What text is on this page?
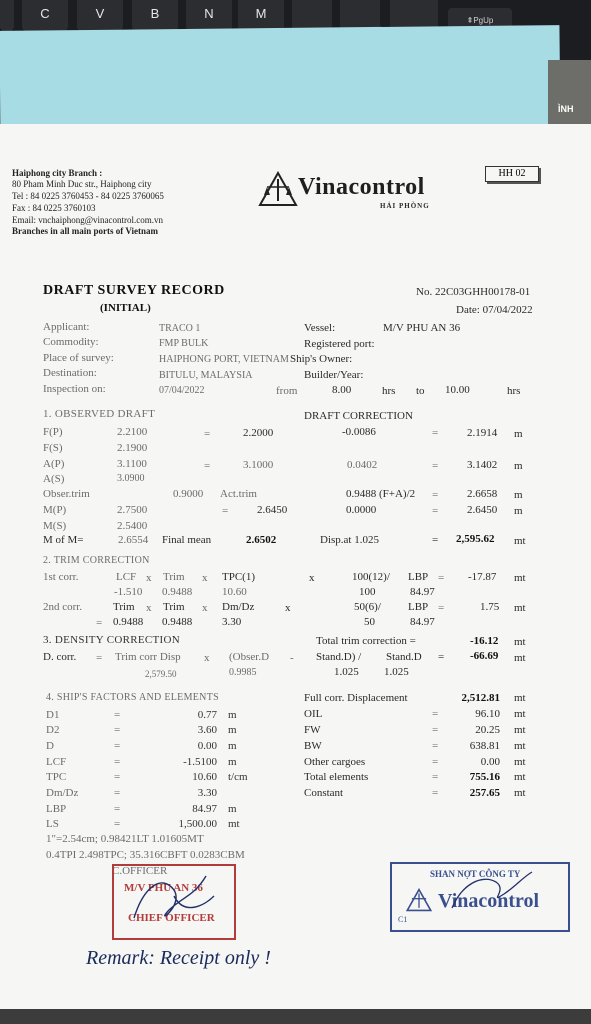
C	V	B	N	M	⇞PgUp
ÌNH
Haiphong city Branch :
80 Pham Minh Duc str., Haiphong city
Tel : 84 0225 3760453 - 84 0225 3760065
Fax : 84 0225 3760103
Email: vnchaiphong@vinacontrol.com.vn
Branches in all main ports of Vietnam
Vinacontrol
HẢI PHÒNG
HH 02
DRAFT SURVEY RECORD
(INITIAL)
No. 22C03GHH00178-01
Date: 07/04/2022
Applicant:	TRACO 1	Vessel:	M/V PHU AN 36
Commodity:	FMP BULK	Registered port:
Place of survey:	HAIPHONG PORT, VIETNAM Ship's Owner:
Destination:	BITULU, MALAYSIA	Builder/Year:
Inspection on:	07/04/2022	from	8.00	hrs to 10.00	hrs
1. OBSERVED DRAFT	DRAFT CORRECTION
F(P)	2.2100	=	2.2000	-0.0086	=	2.1914 m
F(S)	2.1900
A(P)	3.1100	=	3.1000	0.0402	=	3.1402 m
A(S)	3.0900
Obser.trim	0.9000 Act.trim	0.9488 (F+A)/2 =	2.6658 m
M(P)	2.7500	=	2.6450	0.0000	=	2.6450 m
M(S)	2.5400
M of M=	2.6554 Final mean	2.6502	Disp.at 1.025	= 2,595.62 mt
2. TRIM CORRECTION
1st corr.	LCF x Trim x TPC(1)	x	100(12)/ LBP = -17.87 mt
-1.510 0.9488	10.60	100	84.97
2nd corr.	Trim x Trim x Dm/Dz	x	50(6)/ LBP =	1.75 mt
= 0.9488 0.9488	3.30	50	84.97
3. DENSITY CORRECTION	Total trim correction =	-16.12 mt
D. corr. = Trim corr Disp x (Obser.D - Stand.D) / Stand.D = -66.69 mt
2,579.50	0.9985	1.025 1.025
4. SHIP'S FACTORS AND ELEMENTS
D1	=	0.77 m
D2	=	3.60 m
D	=	0.00 m
LCF	=	-1.5100 m
TPC	=	10.60 t/cm
Dm/Dz	=	3.30
LBP	=	84.97 m
LS	=	1,500.00 mt
Full corr. Displacement	2,512.81 mt
OIL	=	96.10 mt
FW	=	20.25 mt
BW	=	638.81 mt
Other cargoes	=	0.00 mt
Total elements	=	755.16 mt
Constant	=	257.65 mt
1"=2.54cm; 0.98421LT 1.01605MT
0.4TPI 2.498TPC; 35.316CBFT 0.0283CBM
C.OFFICER
M/V PHU AN 36
CHIEF OFFICER
SHAN NỢT CÔNG TY
Vinacontrol
C1
Remark: Receipt only !
